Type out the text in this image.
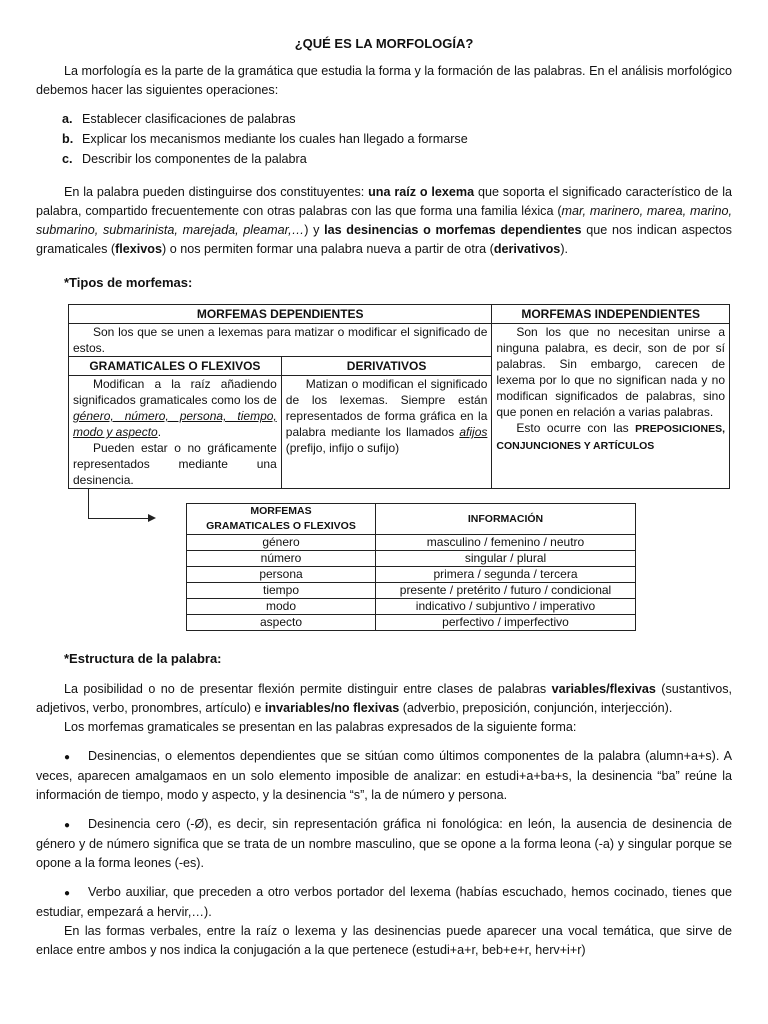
¿QUÉ ES LA MORFOLOGÍA?

La morfología es la parte de la gramática que estudia la forma y la formación de las palabras. En el análisis morfológico debemos hacer las siguientes operaciones:

a. Establecer clasificaciones de palabras
b. Explicar los mecanismos mediante los cuales han llegado a formarse
c. Describir los componentes de la palabra

En la palabra pueden distinguirse dos constituyentes: una raíz o lexema que soporta el significado característico de la palabra, compartido frecuentemente con otras palabras con las que forma una familia léxica (mar, marinero, marea, marino, submarino, submarinista, marejada, pleamar,…) y las desinencias o morfemas dependientes que nos indican aspectos gramaticales (flexivos) o nos permiten formar una palabra nueva a partir de otra (derivativos).

*Tipos de morfemas:
MORFEMAS DEPENDIENTES		MORFEMAS INDEPENDIENTES

Son los que se unen a lexemas para matizar o modificar el significado de estos.		Son los que no necesitan unirse a ninguna palabra, es decir, son de por sí palabras. Sin embargo, carecen de lexema por lo que no significan nada y no modifican significados de palabras, sino que ponen en relación a varias palabras.
Esto ocurre con las PREPOSICIONES, CONJUNCIONES Y ARTÍCULOS

GRAMATICALES O FLEXIVOS	DERIVATIVOS	

Modifican a la raíz añadiendo significados gramaticales como los de género, número, persona, tiempo, modo y aspecto.
Pueden estar o no gráficamente representados mediante una desinencia.	Matizan o modifican el significado de los lexemas. Siempre están representados de forma gráfica en la palabra mediante los llamados afijos (prefijo, infijo o sufijo)	
MORFEMAS
GRAMATICALES O FLEXIVOS	INFORMACIÓN
género	masculino / femenino / neutro
número	singular / plural
persona	primera / segunda / tercera
tiempo	presente / pretérito / futuro / condicional
modo	indicativo / subjuntivo / imperativo
aspecto	perfectivo / imperfectivo
*Estructura de la palabra:

La posibilidad o no de presentar flexión permite distinguir entre clases de palabras variables/flexivas (sustantivos, adjetivos, verbo, pronombres, artículo) e invariables/no flexivas (adverbio, preposición, conjunción, interjección).

Los morfemas gramaticales se presentan en las palabras expresados de la siguiente forma:

● Desinencias, o elementos dependientes que se sitúan como últimos componentes de la palabra (alumn+a+s). A veces, aparecen amalgamaos en un solo elemento imposible de analizar: en estudi+a+ba+s, la desinencia “ba” reúne la información de tiempo, modo y aspecto, y la desinencia “s”, la de número y persona.
● Desinencia cero (-Ø), es decir, sin representación gráfica ni fonológica: en león, la ausencia de desinencia de género y de número significa que se trata de un nombre masculino, que se opone a la forma leona (-a) y singular porque se opone a la forma leones (-es).
● Verbo auxiliar, que preceden a otro verbos portador del lexema (habías escuchado, hemos cocinado, tienes que estudiar, empezará a hervir,…).

En las formas verbales, entre la raíz o lexema y las desinencias puede aparecer una vocal temática, que sirve de enlace entre ambos y nos indica la conjugación a la que pertenece (estudi+a+r, beb+e+r, herv+i+r)
